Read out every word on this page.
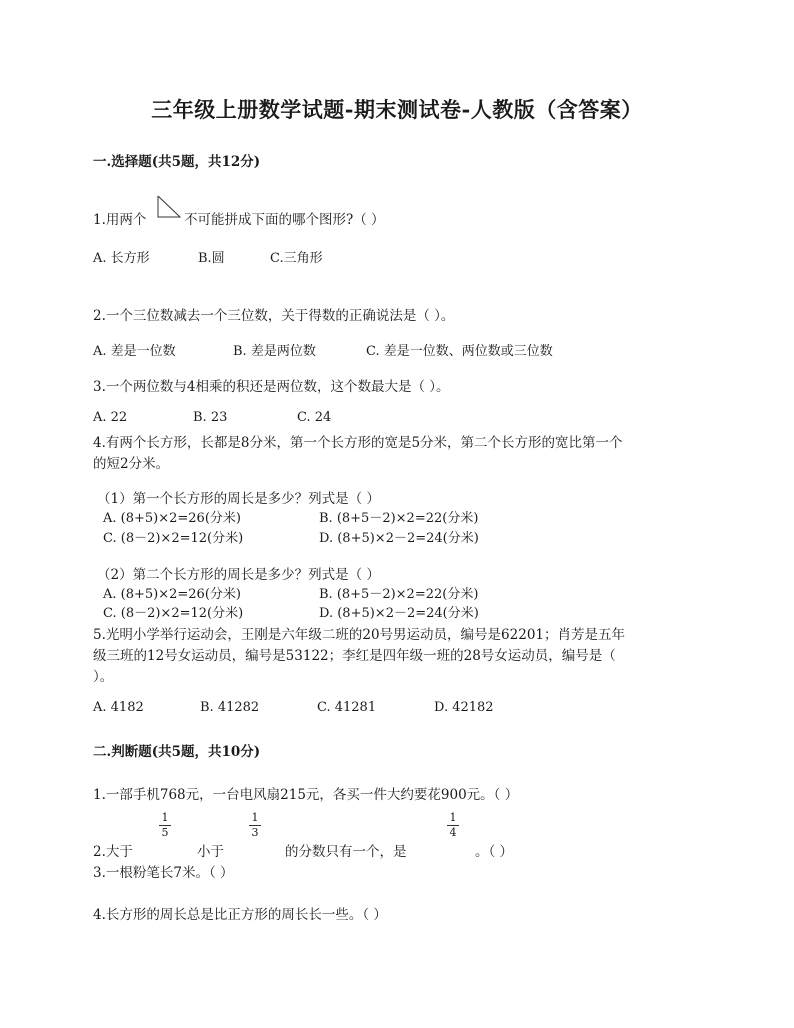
三年级上册数学试题-期末测试卷-人教版（含答案）
一.选择题(共5题，共12分)
1.用两个	不可能拼成下面的哪个图形?（ ）
A. 长方形	B.圆	C.三角形
2.一个三位数减去一个三位数，关于得数的正确说法是（ ）。
A. 差是一位数	B. 差是两位数	C. 差是一位数、两位数或三位数
3.一个两位数与4相乘的积还是两位数，这个数最大是（ ）。
A. 22	B. 23	C. 24
4.有两个长方形，长都是8分米，第一个长方形的宽是5分米，第二个长方形的宽比第一个
的短2分米。
（1）第一个长方形的周长是多少？列式是（ ）
A. (8+5)×2=26(分米)	B. (8+5－2)×2=22(分米)
C. (8－2)×2=12(分米)	D. (8+5)×2－2=24(分米)
（2）第二个长方形的周长是多少？列式是（ ）
A. (8+5)×2=26(分米)	B. (8+5－2)×2=22(分米)
C. (8－2)×2=12(分米)	D. (8+5)×2－2=24(分米)
5.光明小学举行运动会，王刚是六年级二班的20号男运动员，编号是62201；肖芳是五年
级三班的12号女运动员，编号是53122；李红是四年级一班的28号女运动员，编号是（
）。
A. 4182	B. 41282	C. 41281	D. 42182
二.判断题(共5题，共10分)
1.一部手机768元，一台电风扇215元，各买一件大约要花900元。（ ）
2.大于
1
5
小于
1
3
的分数只有一个，是
1
4
。（ ）
3.一根粉笔长7米。（ ）
4.长方形的周长总是比正方形的周长长一些。（ ）
